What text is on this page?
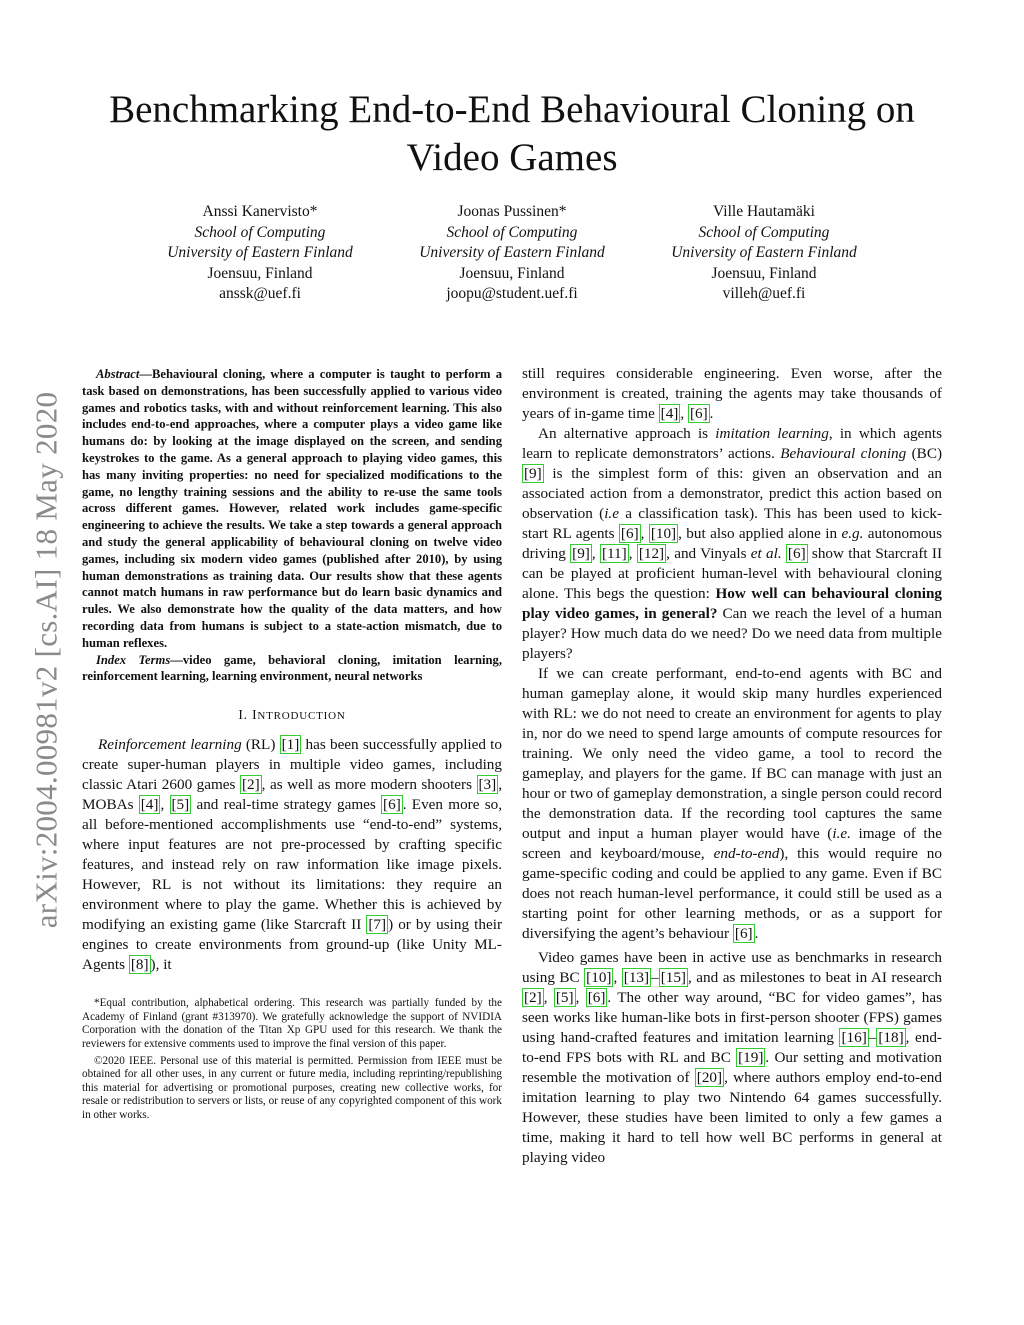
arXiv:2004.00981v2 [cs.AI] 18 May 2020
Benchmarking End-to-End Behavioural Cloning on Video Games
Anssi Kanervisto*
School of Computing
University of Eastern Finland
Joensuu, Finland
anssk@uef.fi
Joonas Pussinen*
School of Computing
University of Eastern Finland
Joensuu, Finland
joopu@student.uef.fi
Ville Hautamäki
School of Computing
University of Eastern Finland
Joensuu, Finland
villeh@uef.fi

Abstract—Behavioural cloning, where a computer is taught to perform a task based on demonstrations, has been successfully applied to various video games and robotics tasks, with and without reinforcement learning. This also includes end-to-end approaches, where a computer plays a video game like humans do: by looking at the image displayed on the screen, and sending keystrokes to the game. As a general approach to playing video games, this has many inviting properties: no need for specialized modifications to the game, no lengthy training sessions and the ability to re-use the same tools across different games. However, related work includes game-specific engineering to achieve the results. We take a step towards a general approach and study the general applicability of behavioural cloning on twelve video games, including six modern video games (published after 2010), by using human demonstrations as training data. Our results show that these agents cannot match humans in raw performance but do learn basic dynamics and rules. We also demonstrate how the quality of the data matters, and how recording data from humans is subject to a state-action mismatch, due to human reflexes.

Index Terms—video game, behavioral cloning, imitation learning, reinforcement learning, learning environment, neural networks

I. INTRODUCTION

Reinforcement learning (RL) [1] has been successfully applied to create super-human players in multiple video games, including classic Atari 2600 games [2] , as well as more modern shooters [3] , MOBAs [4] , [5] and real-time strategy games [6] . Even more so, all before-mentioned accomplishments use “end-to-end” systems, where input features are not pre-processed by crafting specific features, and instead rely on raw information like image pixels. However, RL is not without its limitations: they require an environment where to play the game. Whether this is achieved by modifying an existing game (like Starcraft II [7] ) or by using their engines to create environments from ground-up (like Unity ML-Agents [8] ), it

*Equal contribution, alphabetical ordering. This research was partially funded by the Academy of Finland (grant #313970). We gratefully acknowledge the support of NVIDIA Corporation with the donation of the Titan Xp GPU used for this research. We thank the reviewers for extensive comments used to improve the final version of this paper.

©2020 IEEE. Personal use of this material is permitted. Permission from IEEE must be obtained for all other uses, in any current or future media, including reprinting/republishing this material for advertising or promotional purposes, creating new collective works, for resale or redistribution to servers or lists, or reuse of any copyrighted component of this work in other works.

still requires considerable engineering. Even worse, after the environment is created, training the agents may take thousands of years of in-game time [4] , [6] .

An alternative approach is imitation learning, in which agents learn to replicate demonstrators’ actions. Behavioural cloning (BC) [9] is the simplest form of this: given an observation and an associated action from a demonstrator, predict this action based on observation (i.e a classification task). This has been used to kick-start RL agents [6] , [10] , but also applied alone in e.g. autonomous driving [9] , [11] , [12] , and Vinyals et al. [6] show that Starcraft II can be played at proficient human-level with behavioural cloning alone. This begs the question: How well can behavioural cloning play video games, in general? Can we reach the level of a human player? How much data do we need? Do we need data from multiple players?

If we can create performant, end-to-end agents with BC and human gameplay alone, it would skip many hurdles experienced with RL: we do not need to create an environment for agents to play in, nor do we need to spend large amounts of compute resources for training. We only need the video game, a tool to record the gameplay, and players for the game. If BC can manage with just an hour or two of gameplay demonstration, a single person could record the demonstration data. If the recording tool captures the same output and input a human player would have (i.e. image of the screen and keyboard/mouse, end-to-end), this would require no game-specific coding and could be applied to any game. Even if BC does not reach human-level performance, it could still be used as a starting point for other learning methods, or as a support for diversifying the agent’s behaviour [6] .

Video games have been in active use as benchmarks in research using BC [10] , [13] – [15] , and as milestones to beat in AI research [2] , [5] , [6] . The other way around, “BC for video games”, has seen works like human-like bots in first-person shooter (FPS) games using hand-crafted features and imitation learning [16] – [18] , end-to-end FPS bots with RL and BC [19] . Our setting and motivation resemble the motivation of [20] , where authors employ end-to-end imitation learning to play two Nintendo 64 games successfully. However, these studies have been limited to only a few games a time, making it hard to tell how well BC performs in general at playing video
